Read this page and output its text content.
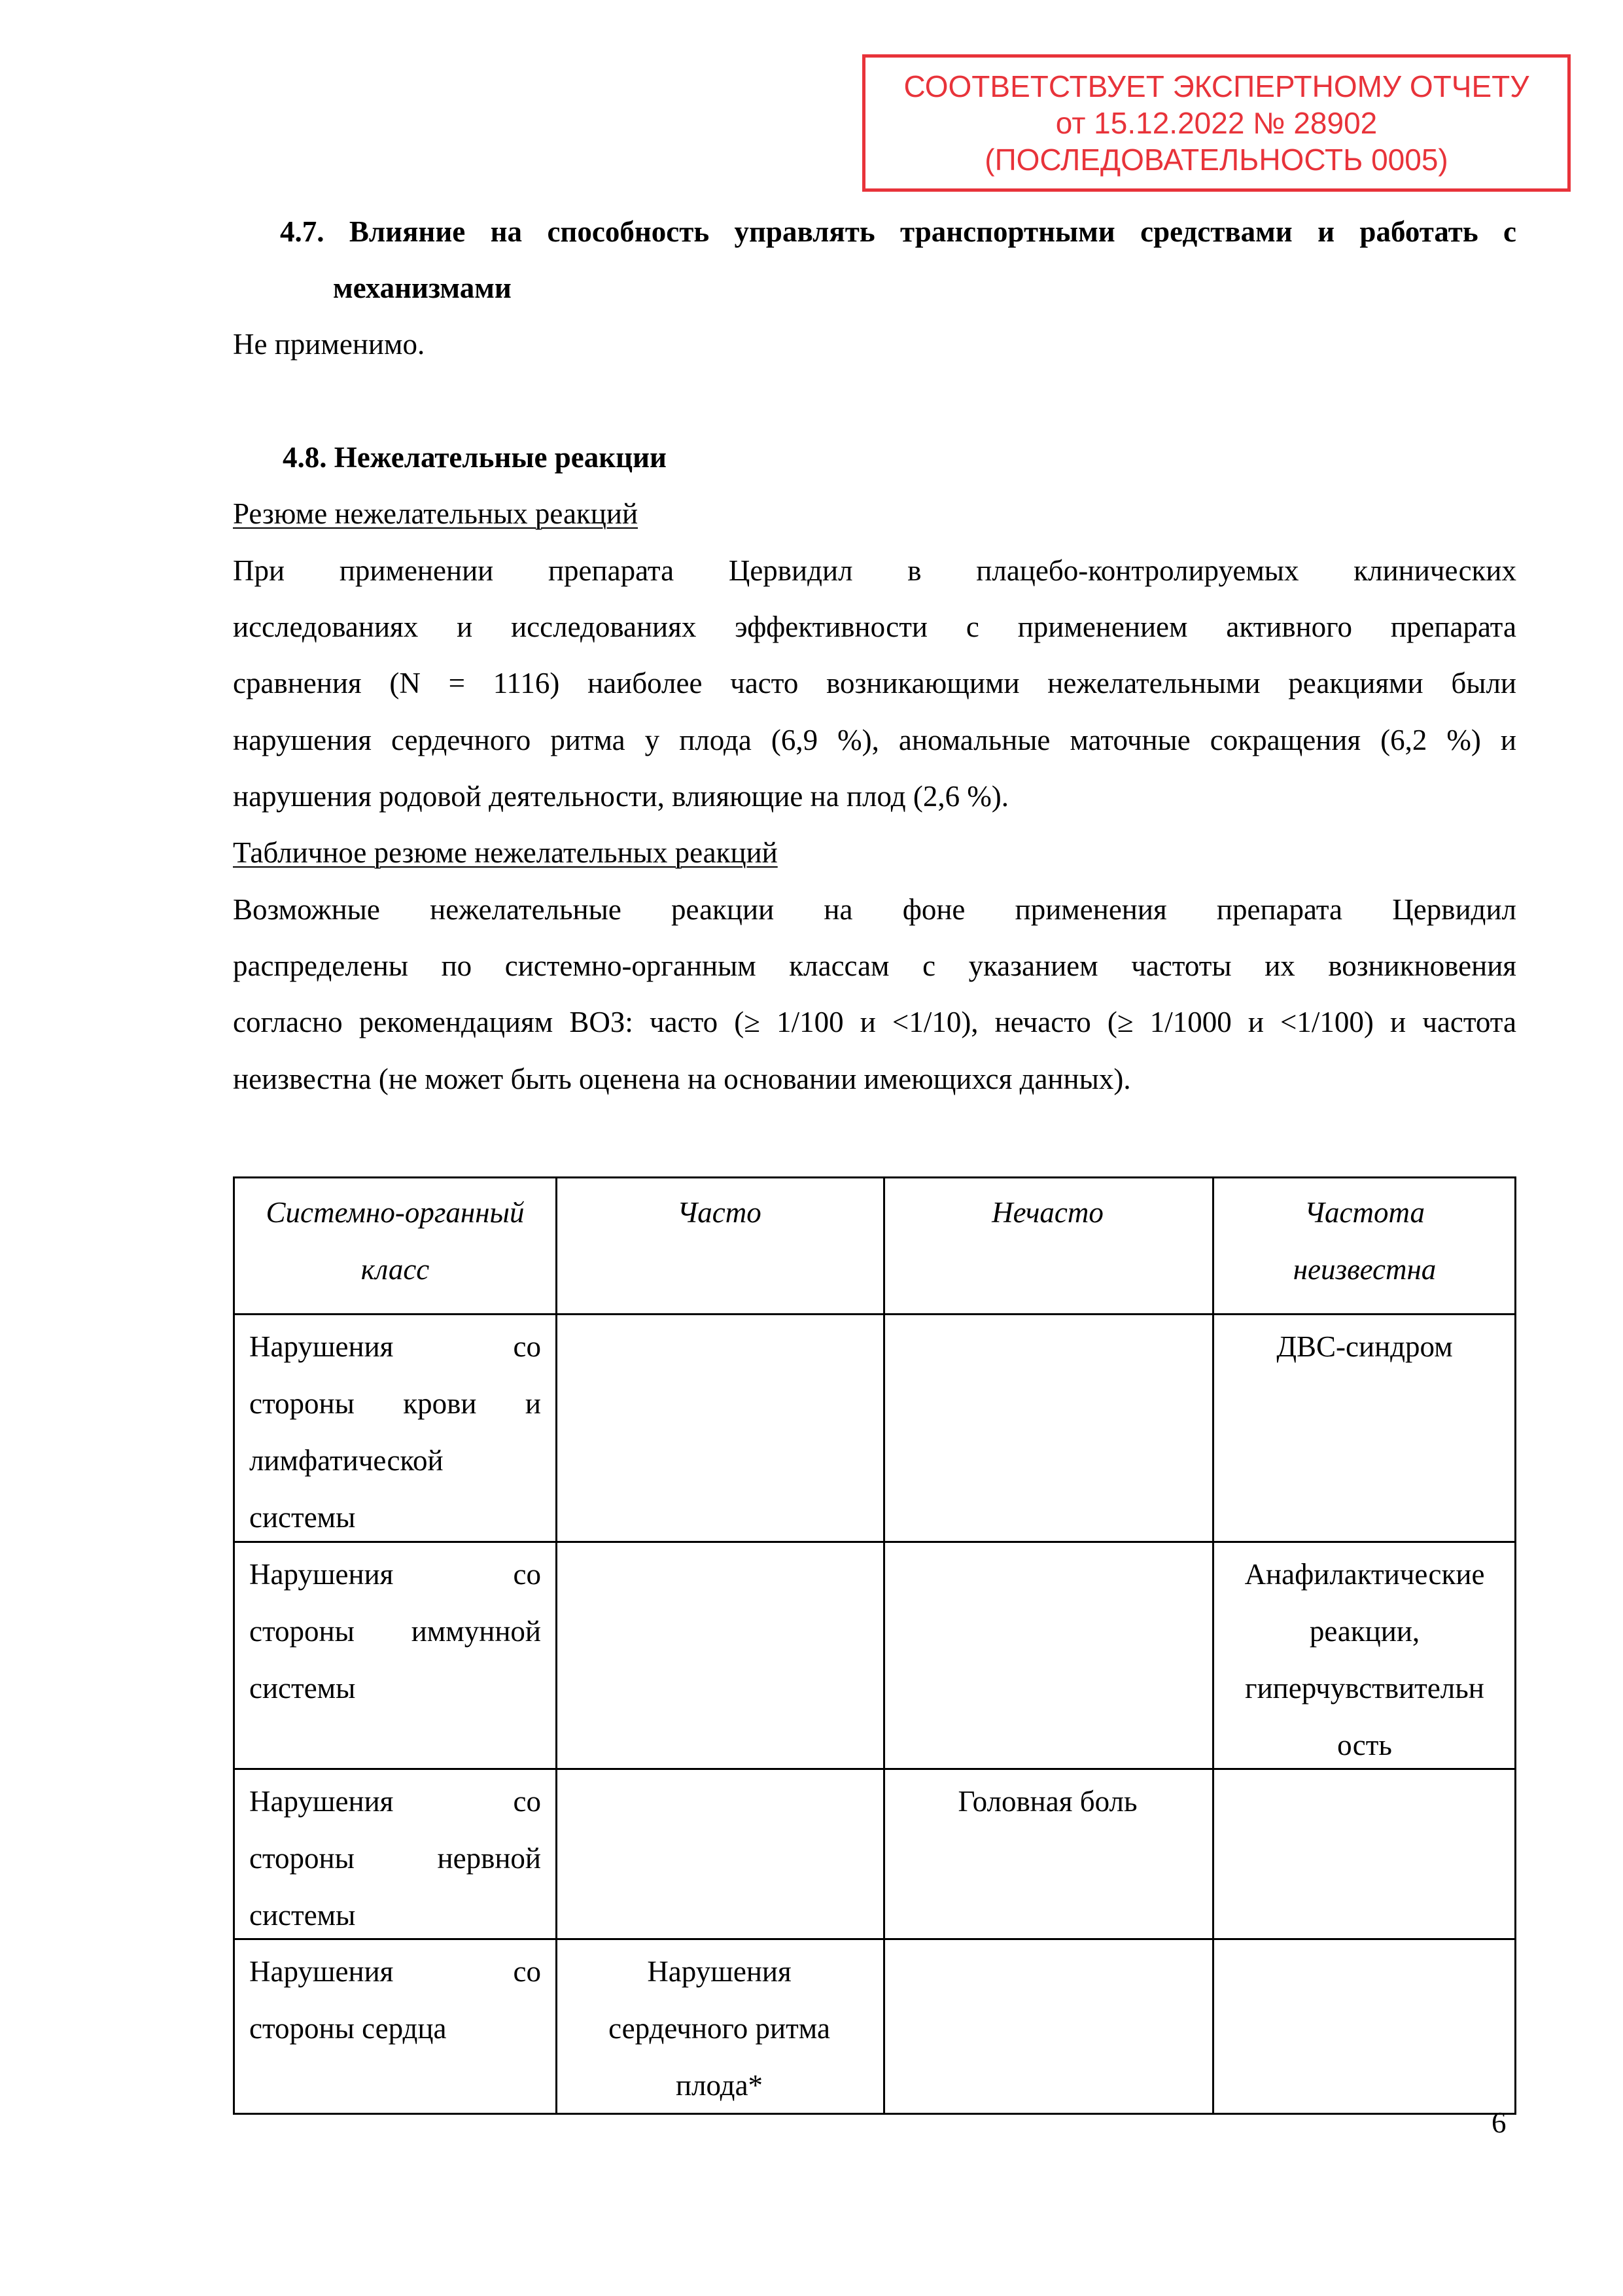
СООТВЕТСТВУЕТ ЭКСПЕРТНОМУ ОТЧЕТУ
от 15.12.2022 № 28902
(ПОСЛЕДОВАТЕЛЬНОСТЬ 0005)
4.7. Влияние на способность управлять транспортными средствами и работать с
механизмами
Не применимо.
4.8. Нежелательные реакции
Резюме нежелательных реакций
При применении препарата Цервидил в плацебо-контролируемых клинических
исследованиях и исследованиях эффективности с применением активного препарата
сравнения (N = 1116) наиболее часто возникающими нежелательными реакциями были
нарушения сердечного ритма у плода (6,9 %), аномальные маточные сокращения (6,2 %) и
нарушения родовой деятельности, влияющие на плод (2,6 %).
Табличное резюме нежелательных реакций
Возможные нежелательные реакции на фоне применения препарата Цервидил
распределены по системно-органным классам с указанием частоты их возникновения
согласно рекомендациям ВОЗ: часто (≥ 1/100 и <1/10), нечасто (≥ 1/1000 и <1/100) и частота
неизвестна (не может быть оценена на основании имеющихся данных).
Системно-органный
класс
Часто	Нечасто	Частота
неизвестна
Нарушения со
стороны крови и
лимфатической
системы
ДВС-синдром
Нарушения со
стороны иммунной
системы
Анафилактические
реакции,
гиперчувствительн
ость
Нарушения со
стороны нервной
системы
Головная боль
Нарушения со
стороны сердца
Нарушения
сердечного ритма
плода*
6
